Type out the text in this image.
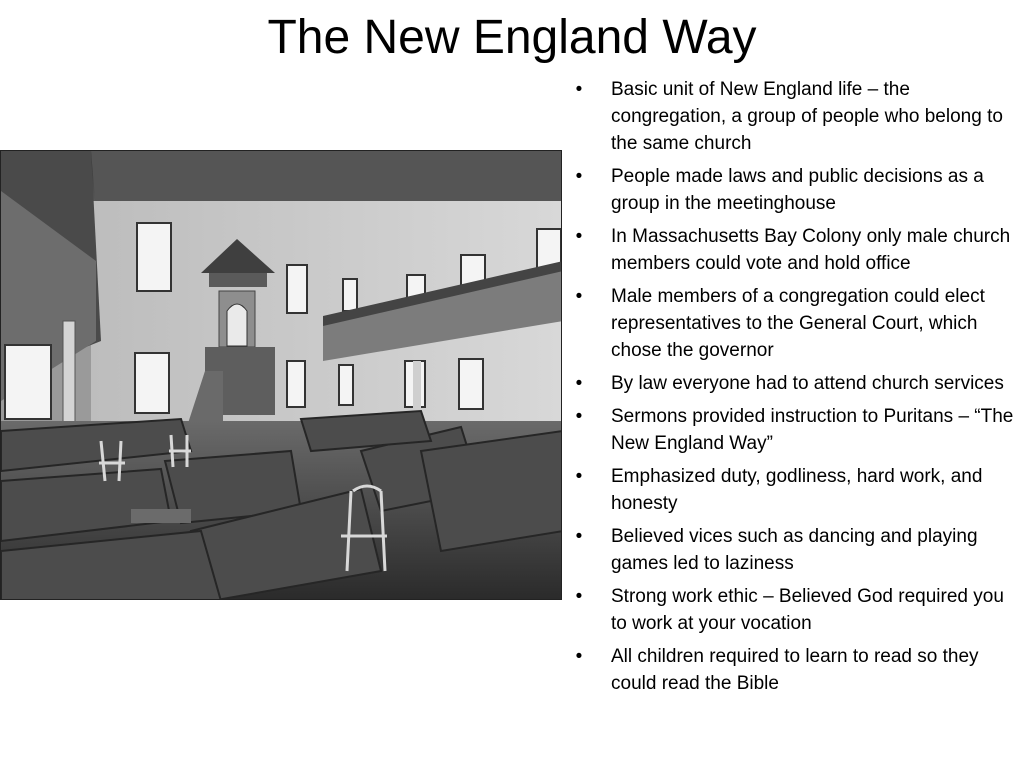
The New England Way
• Basic unit of New England life – the congregation, a group of people who belong to the same church
• People made laws and public decisions as a group in the meetinghouse
• In Massachusetts Bay Colony only male church members could vote and hold office
• Male members of a congregation could elect representatives to the General Court, which chose the governor
• By law everyone had to attend church services
• Sermons provided instruction to Puritans – “The New England Way”
• Emphasized duty, godliness, hard work, and honesty
• Believed vices such as dancing and playing games led to laziness
• Strong work ethic – Believed God required you to work at your vocation
• All children required to learn to read so they could read the Bible
